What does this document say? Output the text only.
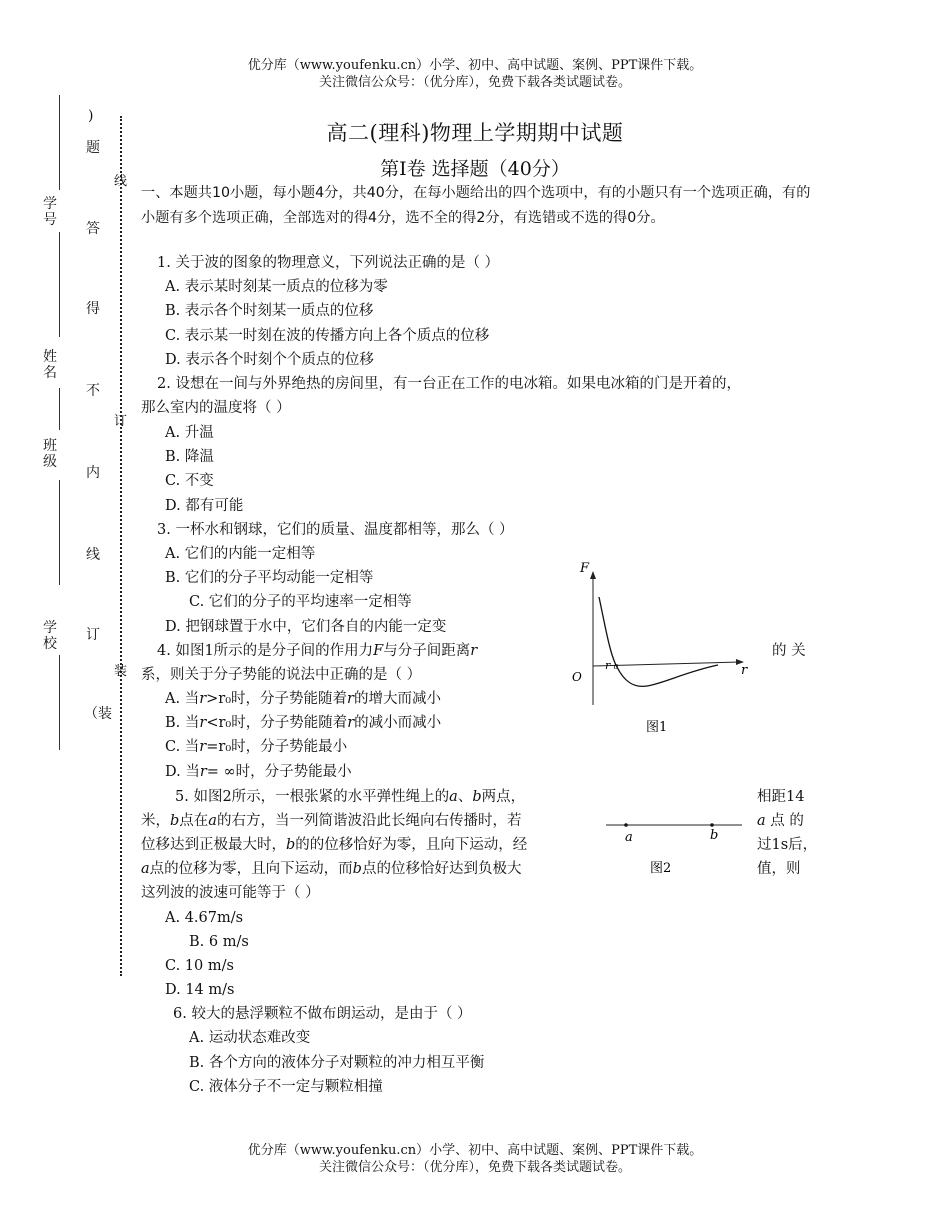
优分库（www.youfenku.cn）小学、初中、高中试题、案例、PPT课件下载。
关注微信公众号：（优分库），免费下载各类试题试卷。
学号
姓名
班级
学校
)
题
答
得
不
内
线
订
（装
线
订
装
高二(理科)物理上学期期中试题
第Ⅰ卷 选择题（40分）
一、本题共10小题，每小题4分，共40分，在每小题给出的四个选项中，有的小题只有一个选项正确，有的小题有多个选项正确，全部选对的得4分，选不全的得2分，有选错或不选的得0分。
1. 关于波的图象的物理意义，下列说法正确的是（ ）
A. 表示某时刻某一质点的位移为零
B. 表示各个时刻某一质点的位移
C. 表示某一时刻在波的传播方向上各个质点的位移
D. 表示各个时刻个个质点的位移
2. 设想在一间与外界绝热的房间里，有一台正在工作的电冰箱。如果电冰箱的门是开着的，
那么室内的温度将（ ）
A. 升温
B. 降温
C. 不变
D. 都有可能
3. 一杯水和钢球，它们的质量、温度都相等，那么（ ）
A. 它们的内能一定相等
B. 它们的分子平均动能一定相等
C. 它们的分子的平均速率一定相等
D. 把钢球置于水中，它们各自的内能一定变
4. 如图1所示的是分子间的作用力F与分子间距离r	的 关
系，则关于分子势能的说法中正确的是（ ）
A. 当r>r₀时，分子势能随着r的增大而减小
B. 当r<r₀时，分子势能随着r的减小而减小
C. 当r=r₀时，分子势能最小
D. 当r= ∞时，分子势能最小
F
r
r ₀
O
图1
5. 如图2所示，一根张紧的水平弹性绳上的a、b两点，	相距14
米，b点在a的右方，当一列简谐波沿此长绳向右传播时，若	a 点 的
位移达到正极最大时，b的的位移恰好为零，且向下运动，经	过1s后，
a点的位移为零，且向下运动，而b点的位移恰好达到负极大	值，则
这列波的波速可能等于（ ）
A. 4.67m/s
B. 6 m/s
C. 10 m/s
D. 14 m/s
a	b
图2
6. 较大的悬浮颗粒不做布朗运动，是由于（ ）
A. 运动状态难改变
B. 各个方向的液体分子对颗粒的冲力相互平衡
C. 液体分子不一定与颗粒相撞
优分库（www.youfenku.cn）小学、初中、高中试题、案例、PPT课件下载。
关注微信公众号：（优分库），免费下载各类试题试卷。
